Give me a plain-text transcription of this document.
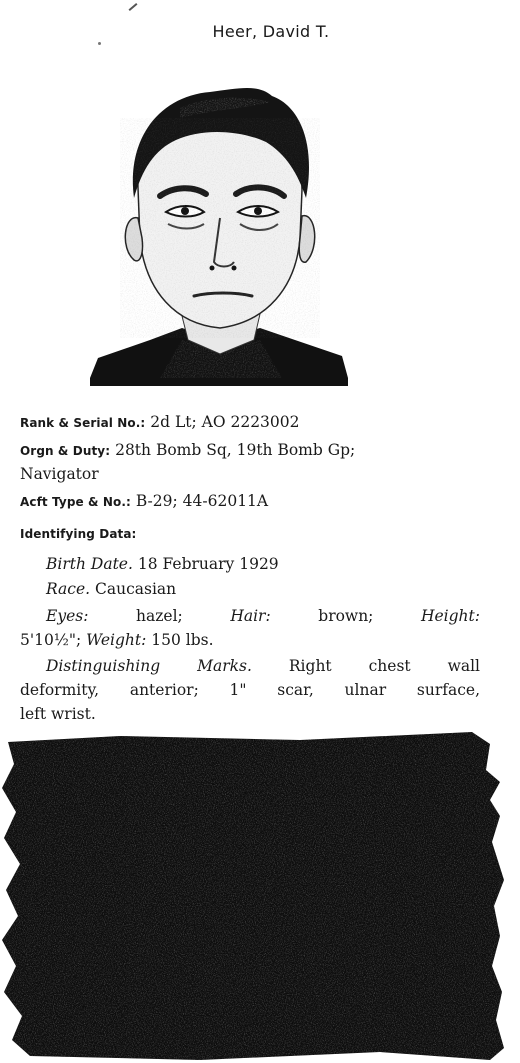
Heer, David T.
Rank & Serial No.: 2d Lt; AO 2223002
Orgn & Duty: 28th Bomb Sq, 19th Bomb Gp;
Navigator
Acft Type & No.: B-29; 44-62011A
Identifying Data:
Birth Date. 18 February 1929
Race. Caucasian
Eyes:	hazel;	Hair:	brown;	Height:
5'10½"; Weight: 150 lbs.
Distinguishing Marks. Right chest wall
deformity, anterior; 1" scar, ulnar surface,
left wrist.
